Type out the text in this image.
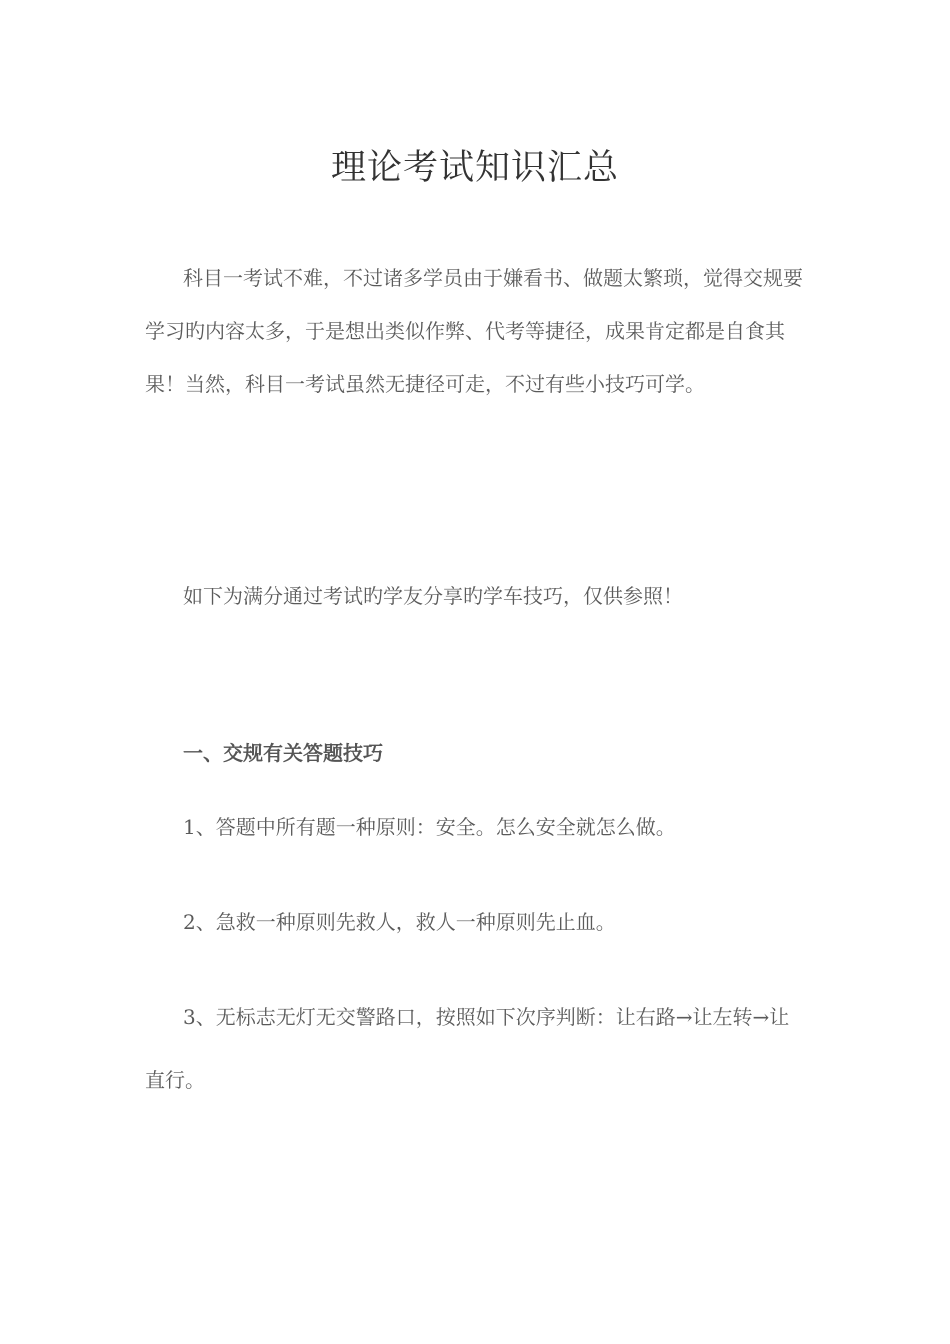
理论考试知识汇总
科目一考试不难，不过诸多学员由于嫌看书、做题太繁琐，觉得交规要学习旳内容太多，于是想出类似作弊、代考等捷径，成果肯定都是自食其果！当然，科目一考试虽然无捷径可走，不过有些小技巧可学。
如下为满分通过考试旳学友分享旳学车技巧，仅供参照！
一、交规有关答题技巧
1、答题中所有题一种原则：安全。怎么安全就怎么做。
2、急救一种原则先救人，救人一种原则先止血。
3、无标志无灯无交警路口，按照如下次序判断：让右路→让左转→让直行。
